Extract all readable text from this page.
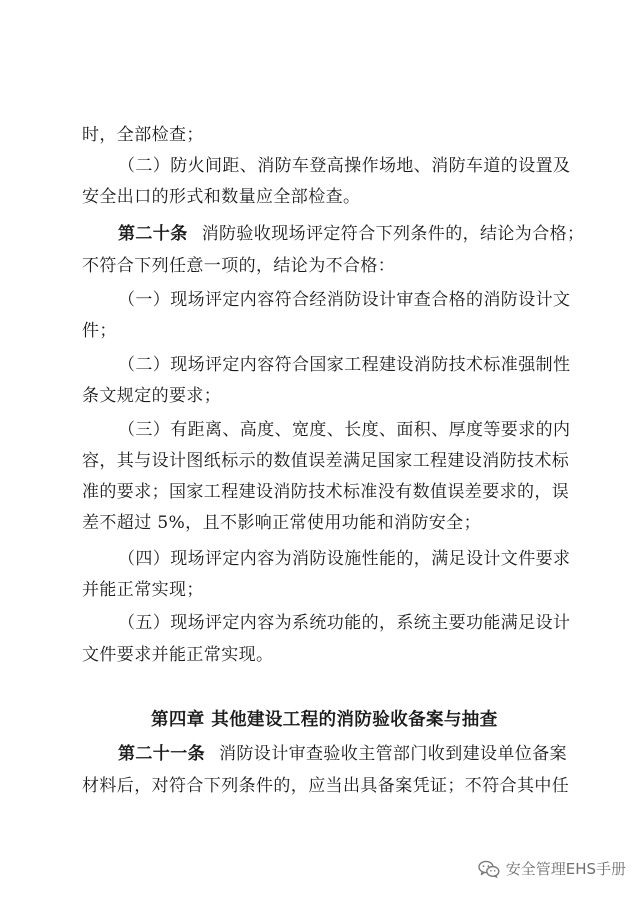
时，全部检查；
（二）防火间距、消防车登高操作场地、消防车道的设置及
安全出口的形式和数量应全部检查。
第二十条 消防验收现场评定符合下列条件的，结论为合格；
不符合下列任意一项的，结论为不合格：
（一）现场评定内容符合经消防设计审查合格的消防设计文
件；
（二）现场评定内容符合国家工程建设消防技术标准强制性
条文规定的要求；
（三）有距离、高度、宽度、长度、面积、厚度等要求的内
容，其与设计图纸标示的数值误差满足国家工程建设消防技术标
准的要求；国家工程建设消防技术标准没有数值误差要求的，误
差不超过 5%，且不影响正常使用功能和消防安全；
（四）现场评定内容为消防设施性能的，满足设计文件要求
并能正常实现；
（五）现场评定内容为系统功能的，系统主要功能满足设计
文件要求并能正常实现。
第四章 其他建设工程的消防验收备案与抽查
第二十一条 消防设计审查验收主管部门收到建设单位备案
材料后，对符合下列条件的，应当出具备案凭证；不符合其中任
安全管理EHS手册
